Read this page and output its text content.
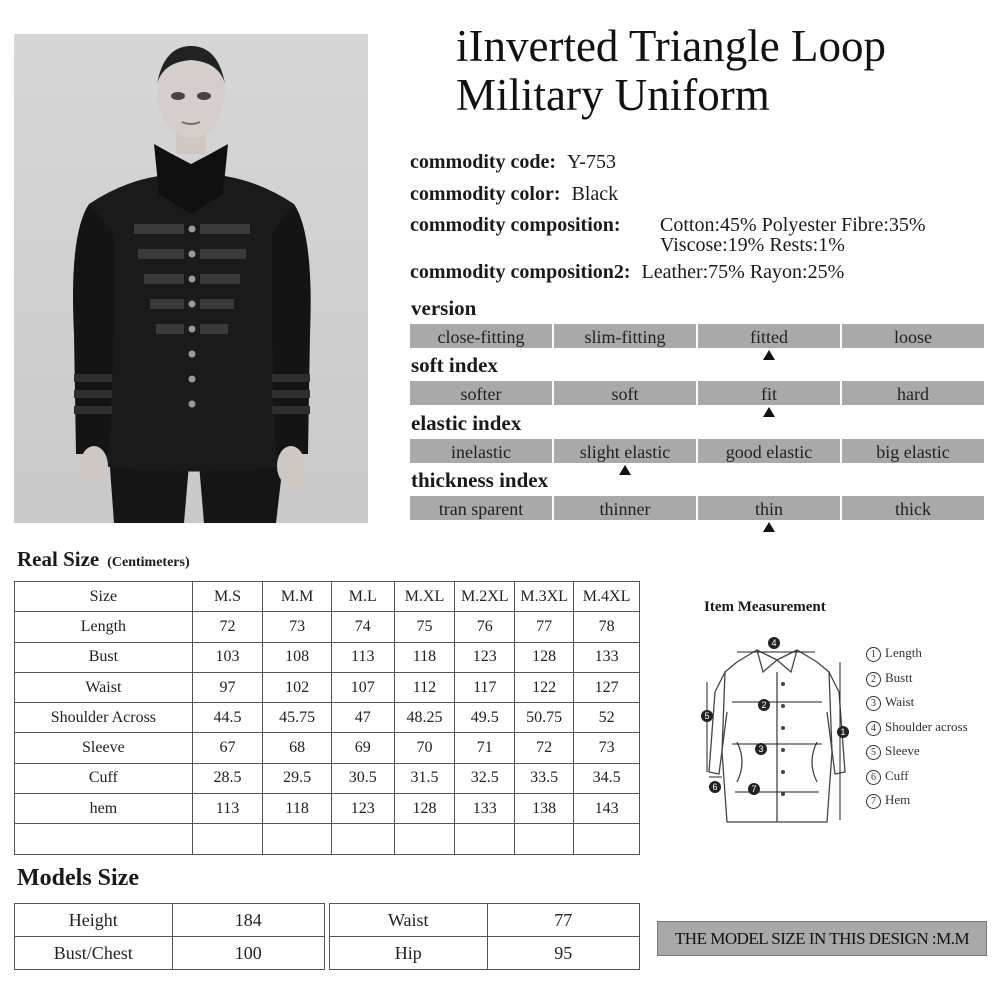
iInverted Triangle Loop Military Uniform
commodity code: Y-753
commodity color: Black
commodity composition: Cotton:45% Polyester Fibre:35%
Viscose:19% Rests:1%
commodity composition2: Leather:75% Rayon:25%
version
close-fitting	slim-fitting	fitted	loose
soft index
softer	soft	fit	hard
elastic index
inelastic	slight elastic	good elastic	big elastic
thickness index
tran sparent	thinner	thin	thick
Real Size (Centimeters)
Size	M.S	M.M	M.L	M.XL	M.2XL	M.3XL	M.4XL
Length	72	73	74	75	76	77	78
Bust	103	108	113	118	123	128	133
Waist	97	102	107	112	117	122	127
Shoulder Across	44.5	45.75	47	48.25	49.5	50.75	52
Sleeve	67	68	69	70	71	72	73
Cuff	28.5	29.5	30.5	31.5	32.5	33.5	34.5
hem	113	118	123	128	133	138	143

Item Measurement
4
2
3
7
1
5
6
1 Length
2 Bustt
3 Waist
4 Shoulder across
5 Sleeve
6 Cuff
7 Hem
Models Size
Height	184
Bust/Chest	100
Waist	77
Hip	95
THE MODEL SIZE IN THIS DESIGN :M.M
